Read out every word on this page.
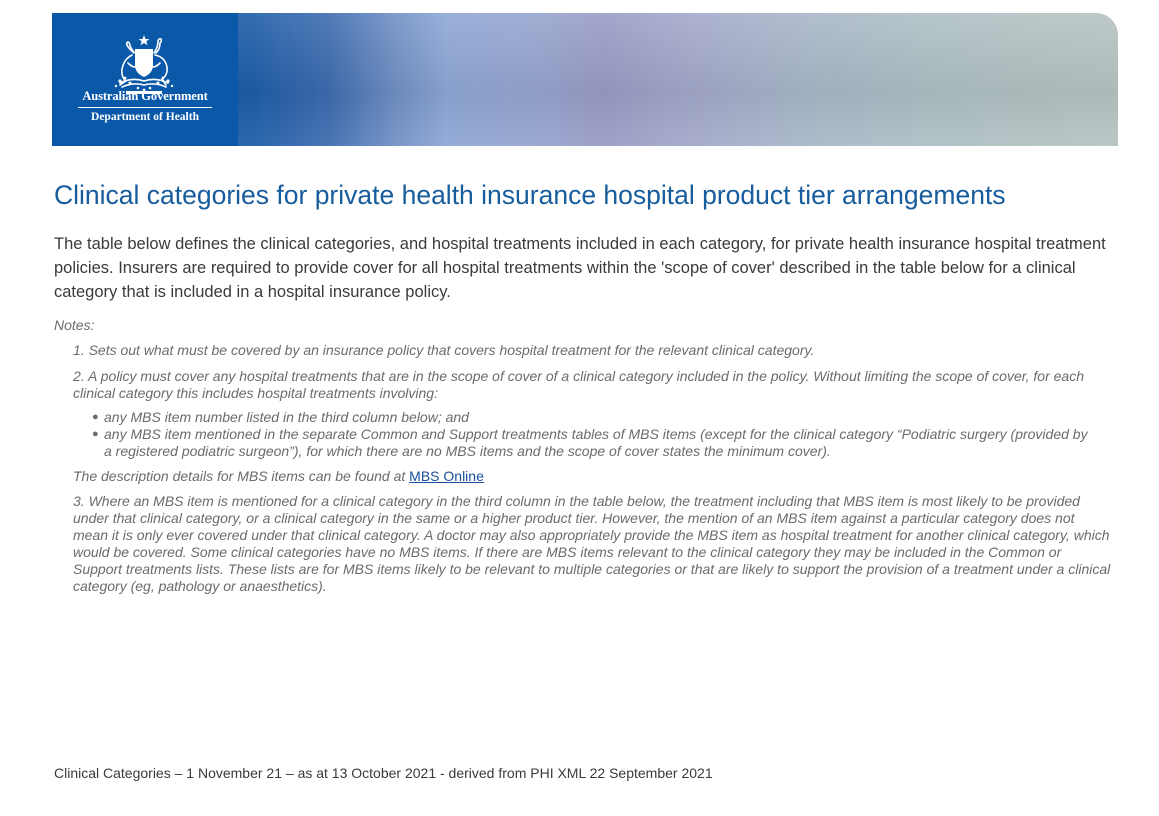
Australian Government
Department of Health
Clinical categories for private health insurance hospital product tier arrangements

The table below defines the clinical categories, and hospital treatments included in each category, for private health insurance hospital treatment policies. Insurers are required to provide cover for all hospital treatments within the 'scope of cover' described in the table below for a clinical category that is included in a hospital insurance policy.

Notes:

1. Sets out what must be covered by an insurance policy that covers hospital treatment for the relevant clinical category.

2. A policy must cover any hospital treatments that are in the scope of cover of a clinical category included in the policy. Without limiting the scope of cover, for each clinical category this includes hospital treatments involving:

● any MBS item number listed in the third column below; and
● any MBS item mentioned in the separate Common and Support treatments tables of MBS items (except for the clinical category “Podiatric surgery (provided by a registered podiatric surgeon”), for which there are no MBS items and the scope of cover states the minimum cover).

The description details for MBS items can be found at MBS Online

3. Where an MBS item is mentioned for a clinical category in the third column in the table below, the treatment including that MBS item is most likely to be provided under that clinical category, or a clinical category in the same or a higher product tier. However, the mention of an MBS item against a particular category does not mean it is only ever covered under that clinical category. A doctor may also appropriately provide the MBS item as hospital treatment for another clinical category, which would be covered. Some clinical categories have no MBS items. If there are MBS items relevant to the clinical category they may be included in the Common or Support treatments lists. These lists are for MBS items likely to be relevant to multiple categories or that are likely to support the provision of a treatment under a clinical category (eg, pathology or anaesthetics).

Clinical Categories – 1 November 21 – as at 13 October 2021 - derived from PHI XML 22 September 2021
